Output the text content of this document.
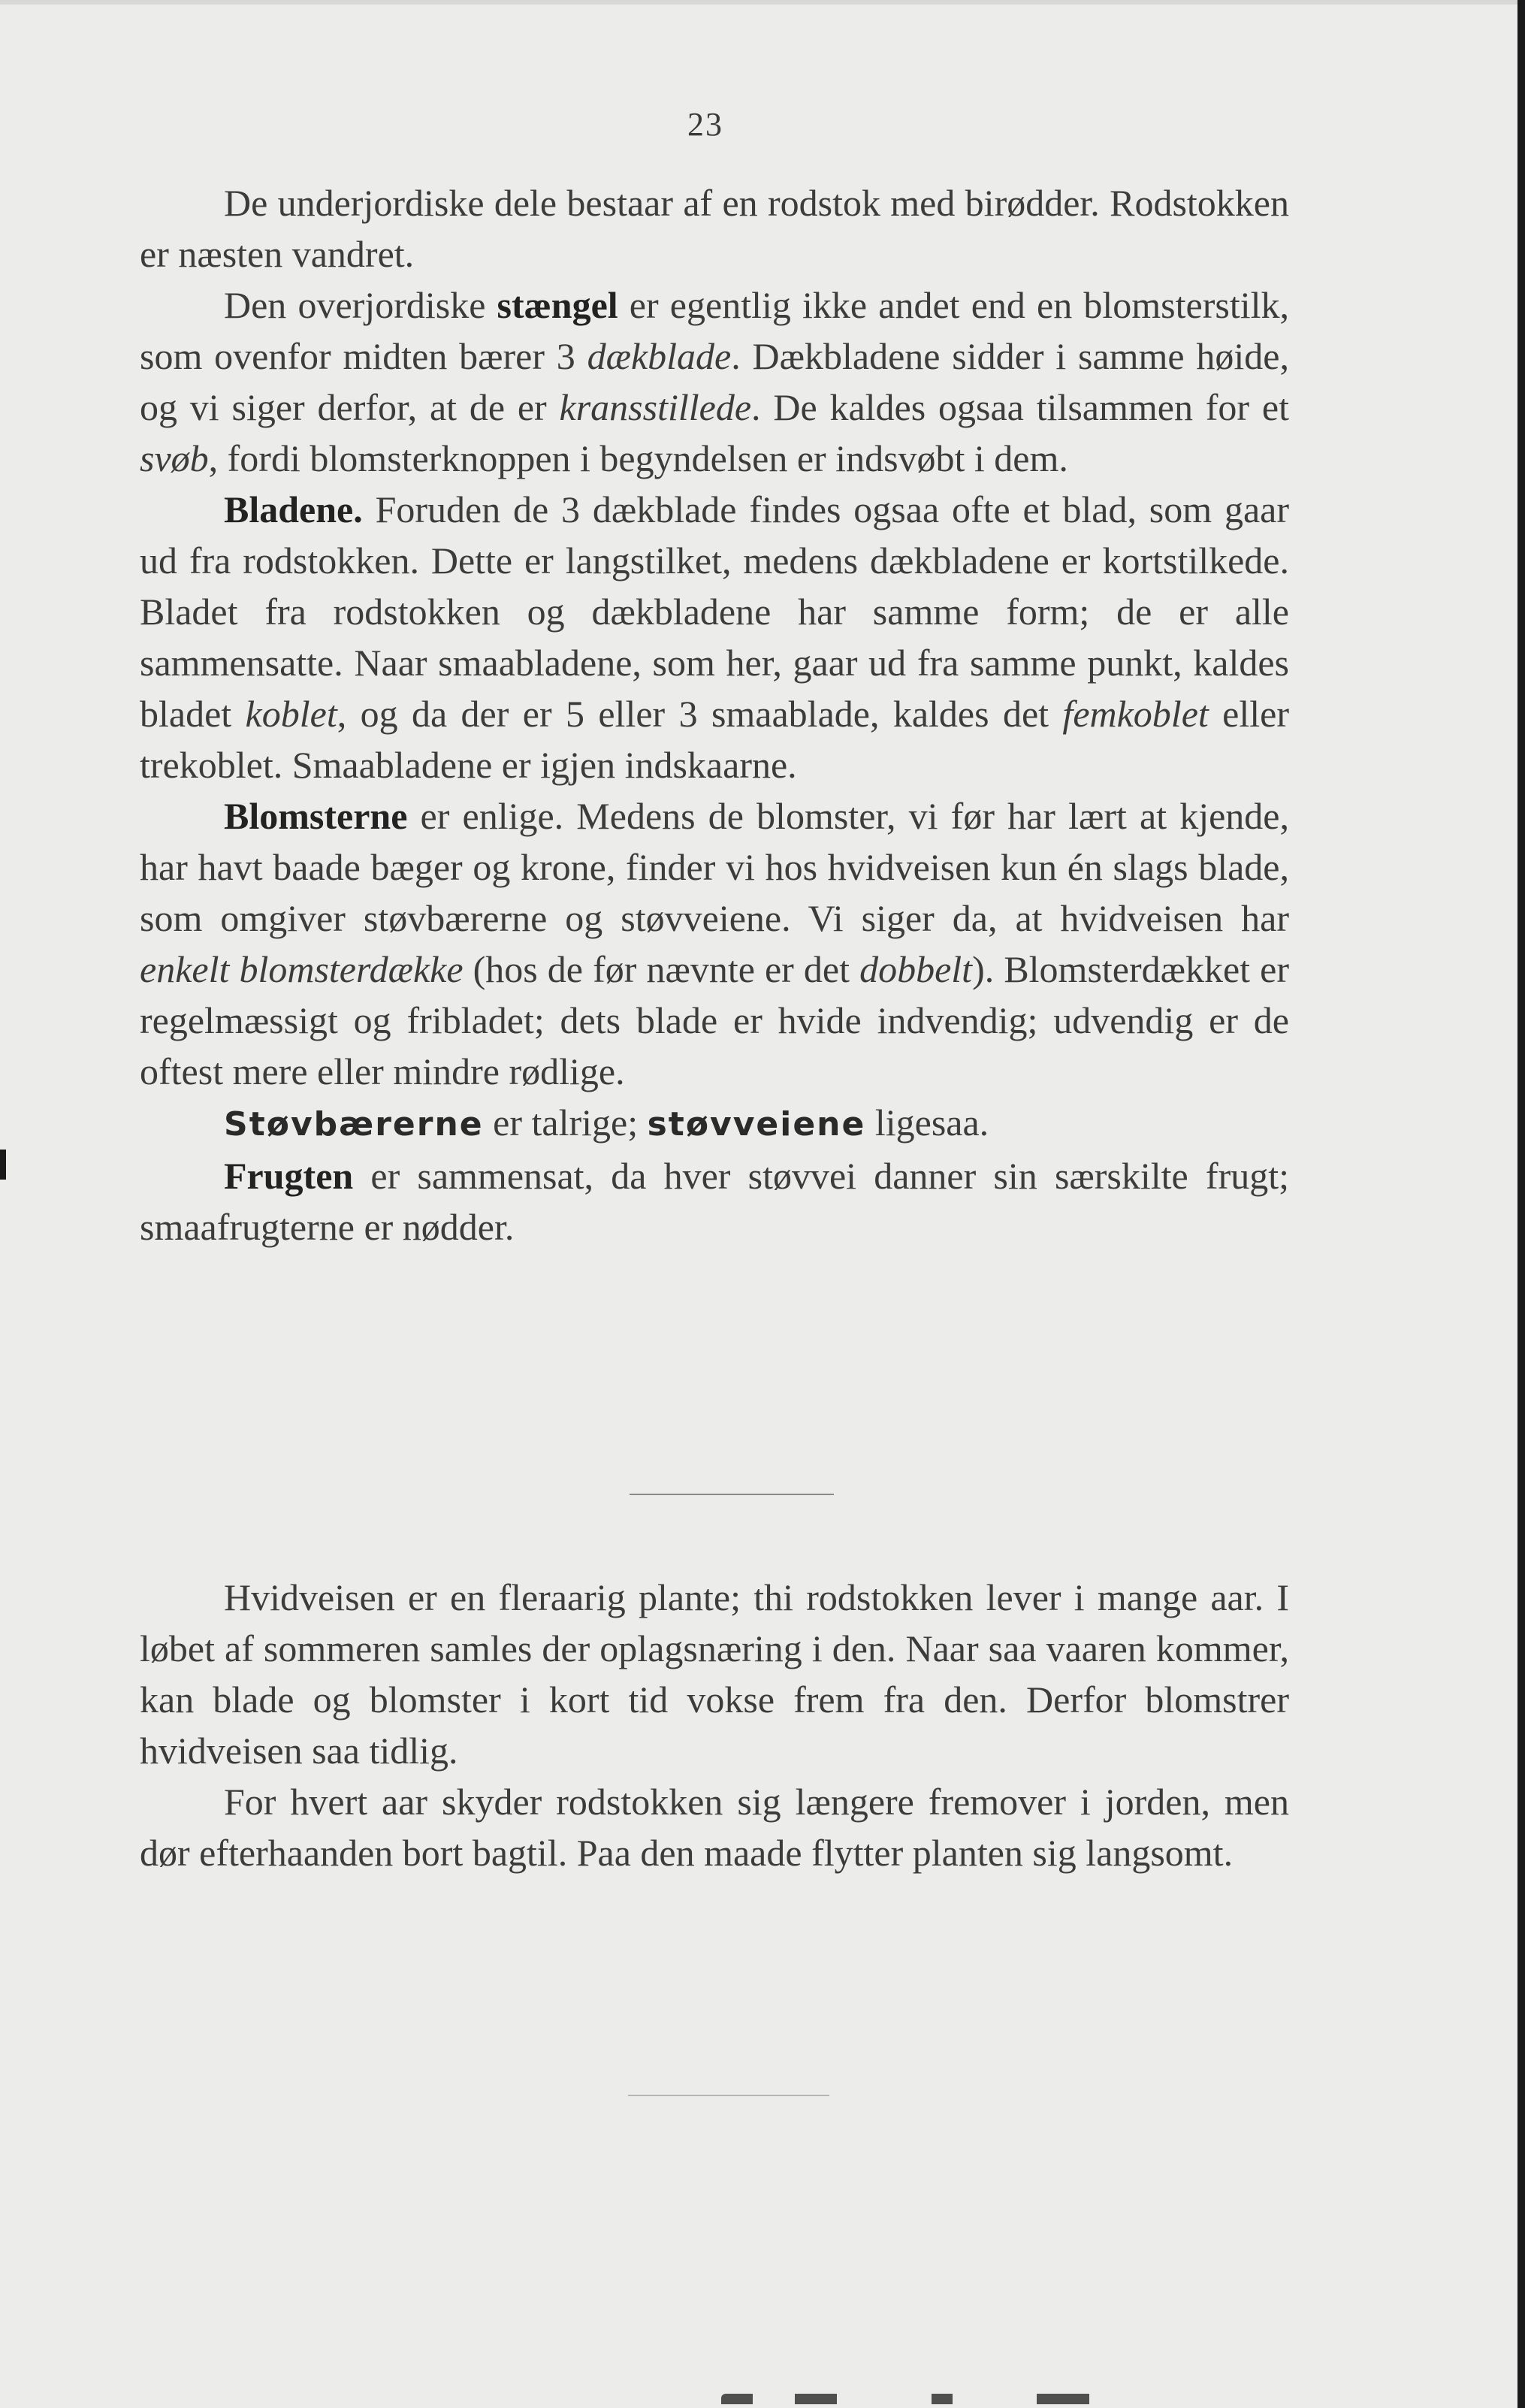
23

De underjordiske dele bestaar af en rodstok med birødder. Rodstokken er næsten vandret.

Den overjordiske stængel er egentlig ikke andet end en blomsterstilk, som ovenfor midten bærer 3 dækblade. Dækbladene sidder i samme høide, og vi siger derfor, at de er kransstillede. De kaldes ogsaa tilsammen for et svøb, fordi blomsterknoppen i begyndelsen er indsvøbt i dem.

Bladene. Foruden de 3 dækblade findes ogsaa ofte et blad, som gaar ud fra rodstokken. Dette er langstilket, medens dækbladene er kortstilkede. Bladet fra rodstokken og dækbladene har samme form; de er alle sammensatte. Naar smaabladene, som her, gaar ud fra samme punkt, kaldes bladet koblet, og da der er 5 eller 3 smaablade, kaldes det femkoblet eller trekoblet. Smaabladene er igjen indskaarne.

Blomsterne er enlige. Medens de blomster, vi før har lært at kjende, har havt baade bæger og krone, finder vi hos hvidveisen kun én slags blade, som omgiver støvbærerne og støvveiene. Vi siger da, at hvidveisen har enkelt blomsterdække (hos de før nævnte er det dobbelt). Blomsterdækket er regelmæssigt og fribladet; dets blade er hvide indvendig; udvendig er de oftest mere eller mindre rødlige.

Støvbærerne er talrige; støvveiene ligesaa.

Frugten er sammensat, da hver støvvei danner sin særskilte frugt; smaafrugterne er nødder.

Hvidveisen er en fleraarig plante; thi rodstokken lever i mange aar. I løbet af sommeren samles der oplagsnæring i den. Naar saa vaaren kommer, kan blade og blomster i kort tid vokse frem fra den. Derfor blomstrer hvidveisen saa tidlig.

For hvert aar skyder rodstokken sig længere fremover i jorden, men dør efterhaanden bort bagtil. Paa den maade flytter planten sig langsomt.
